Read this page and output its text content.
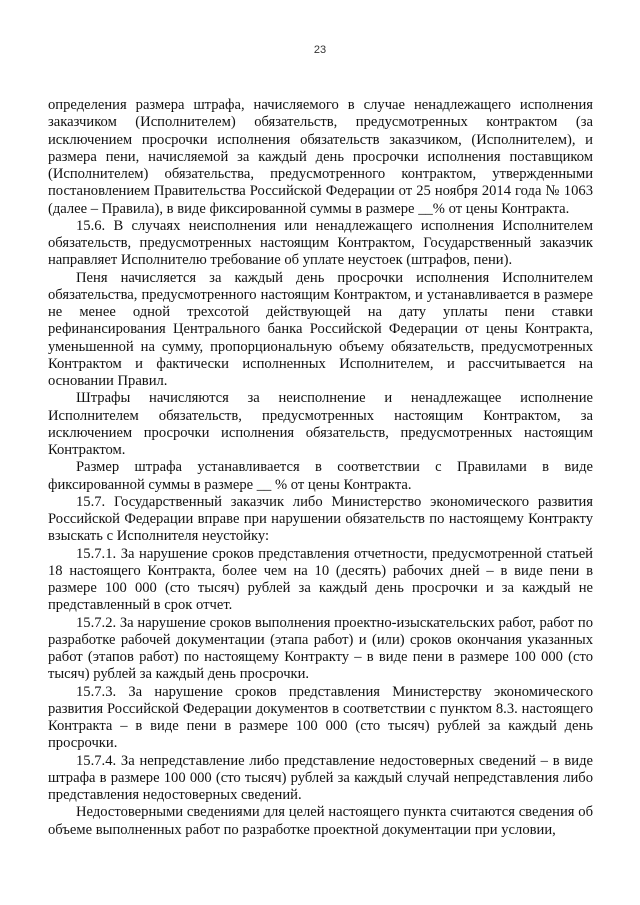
23

определения размера штрафа, начисляемого в случае ненадлежащего исполнения заказчиком (Исполнителем) обязательств, предусмотренных контрактом (за исключением просрочки исполнения обязательств заказчиком, (Исполнителем), и размера пени, начисляемой за каждый день просрочки исполнения поставщиком (Исполнителем) обязательства, предусмотренного контрактом, утвержденными постановлением Правительства Российской Федерации от 25 ноября 2014 года № 1063 (далее – Правила), в виде фиксированной суммы в размере __% от цены Контракта.

15.6. В случаях неисполнения или ненадлежащего исполнения Исполнителем обязательств, предусмотренных настоящим Контрактом, Государственный заказчик направляет Исполнителю требование об уплате неустоек (штрафов, пени).

Пеня начисляется за каждый день просрочки исполнения Исполнителем обязательства, предусмотренного настоящим Контрактом, и устанавливается в размере не менее одной трехсотой действующей на дату уплаты пени ставки рефинансирования Центрального банка Российской Федерации от цены Контракта, уменьшенной на сумму, пропорциональную объему обязательств, предусмотренных Контрактом и фактически исполненных Исполнителем, и рассчитывается на основании Правил.

Штрафы начисляются за неисполнение и ненадлежащее исполнение Исполнителем обязательств, предусмотренных настоящим Контрактом, за исключением просрочки исполнения обязательств, предусмотренных настоящим Контрактом.

Размер штрафа устанавливается в соответствии с Правилами в виде фиксированной суммы в размере __ % от цены Контракта.

15.7. Государственный заказчик либо Министерство экономического развития Российской Федерации вправе при нарушении обязательств по настоящему Контракту взыскать с Исполнителя неустойку:

15.7.1. За нарушение сроков представления отчетности, предусмотренной статьей 18 настоящего Контракта, более чем на 10 (десять) рабочих дней – в виде пени в размере 100 000 (сто тысяч) рублей за каждый день просрочки и за каждый не представленный в срок отчет.

15.7.2. За нарушение сроков выполнения проектно-изыскательских работ, работ по разработке рабочей документации (этапа работ) и (или) сроков окончания указанных работ (этапов работ) по настоящему Контракту – в виде пени в размере 100 000 (сто тысяч) рублей за каждый день просрочки.

15.7.3. За нарушение сроков представления Министерству экономического развития Российской Федерации документов в соответствии с пунктом 8.3. настоящего Контракта – в виде пени в размере 100 000 (сто тысяч) рублей за каждый день просрочки.

15.7.4. За непредставление либо представление недостоверных сведений – в виде штрафа в размере 100 000 (сто тысяч) рублей за каждый случай непредставления либо представления недостоверных сведений.

Недостоверными сведениями для целей настоящего пункта считаются сведения об объеме выполненных работ по разработке проектной документации при условии,
